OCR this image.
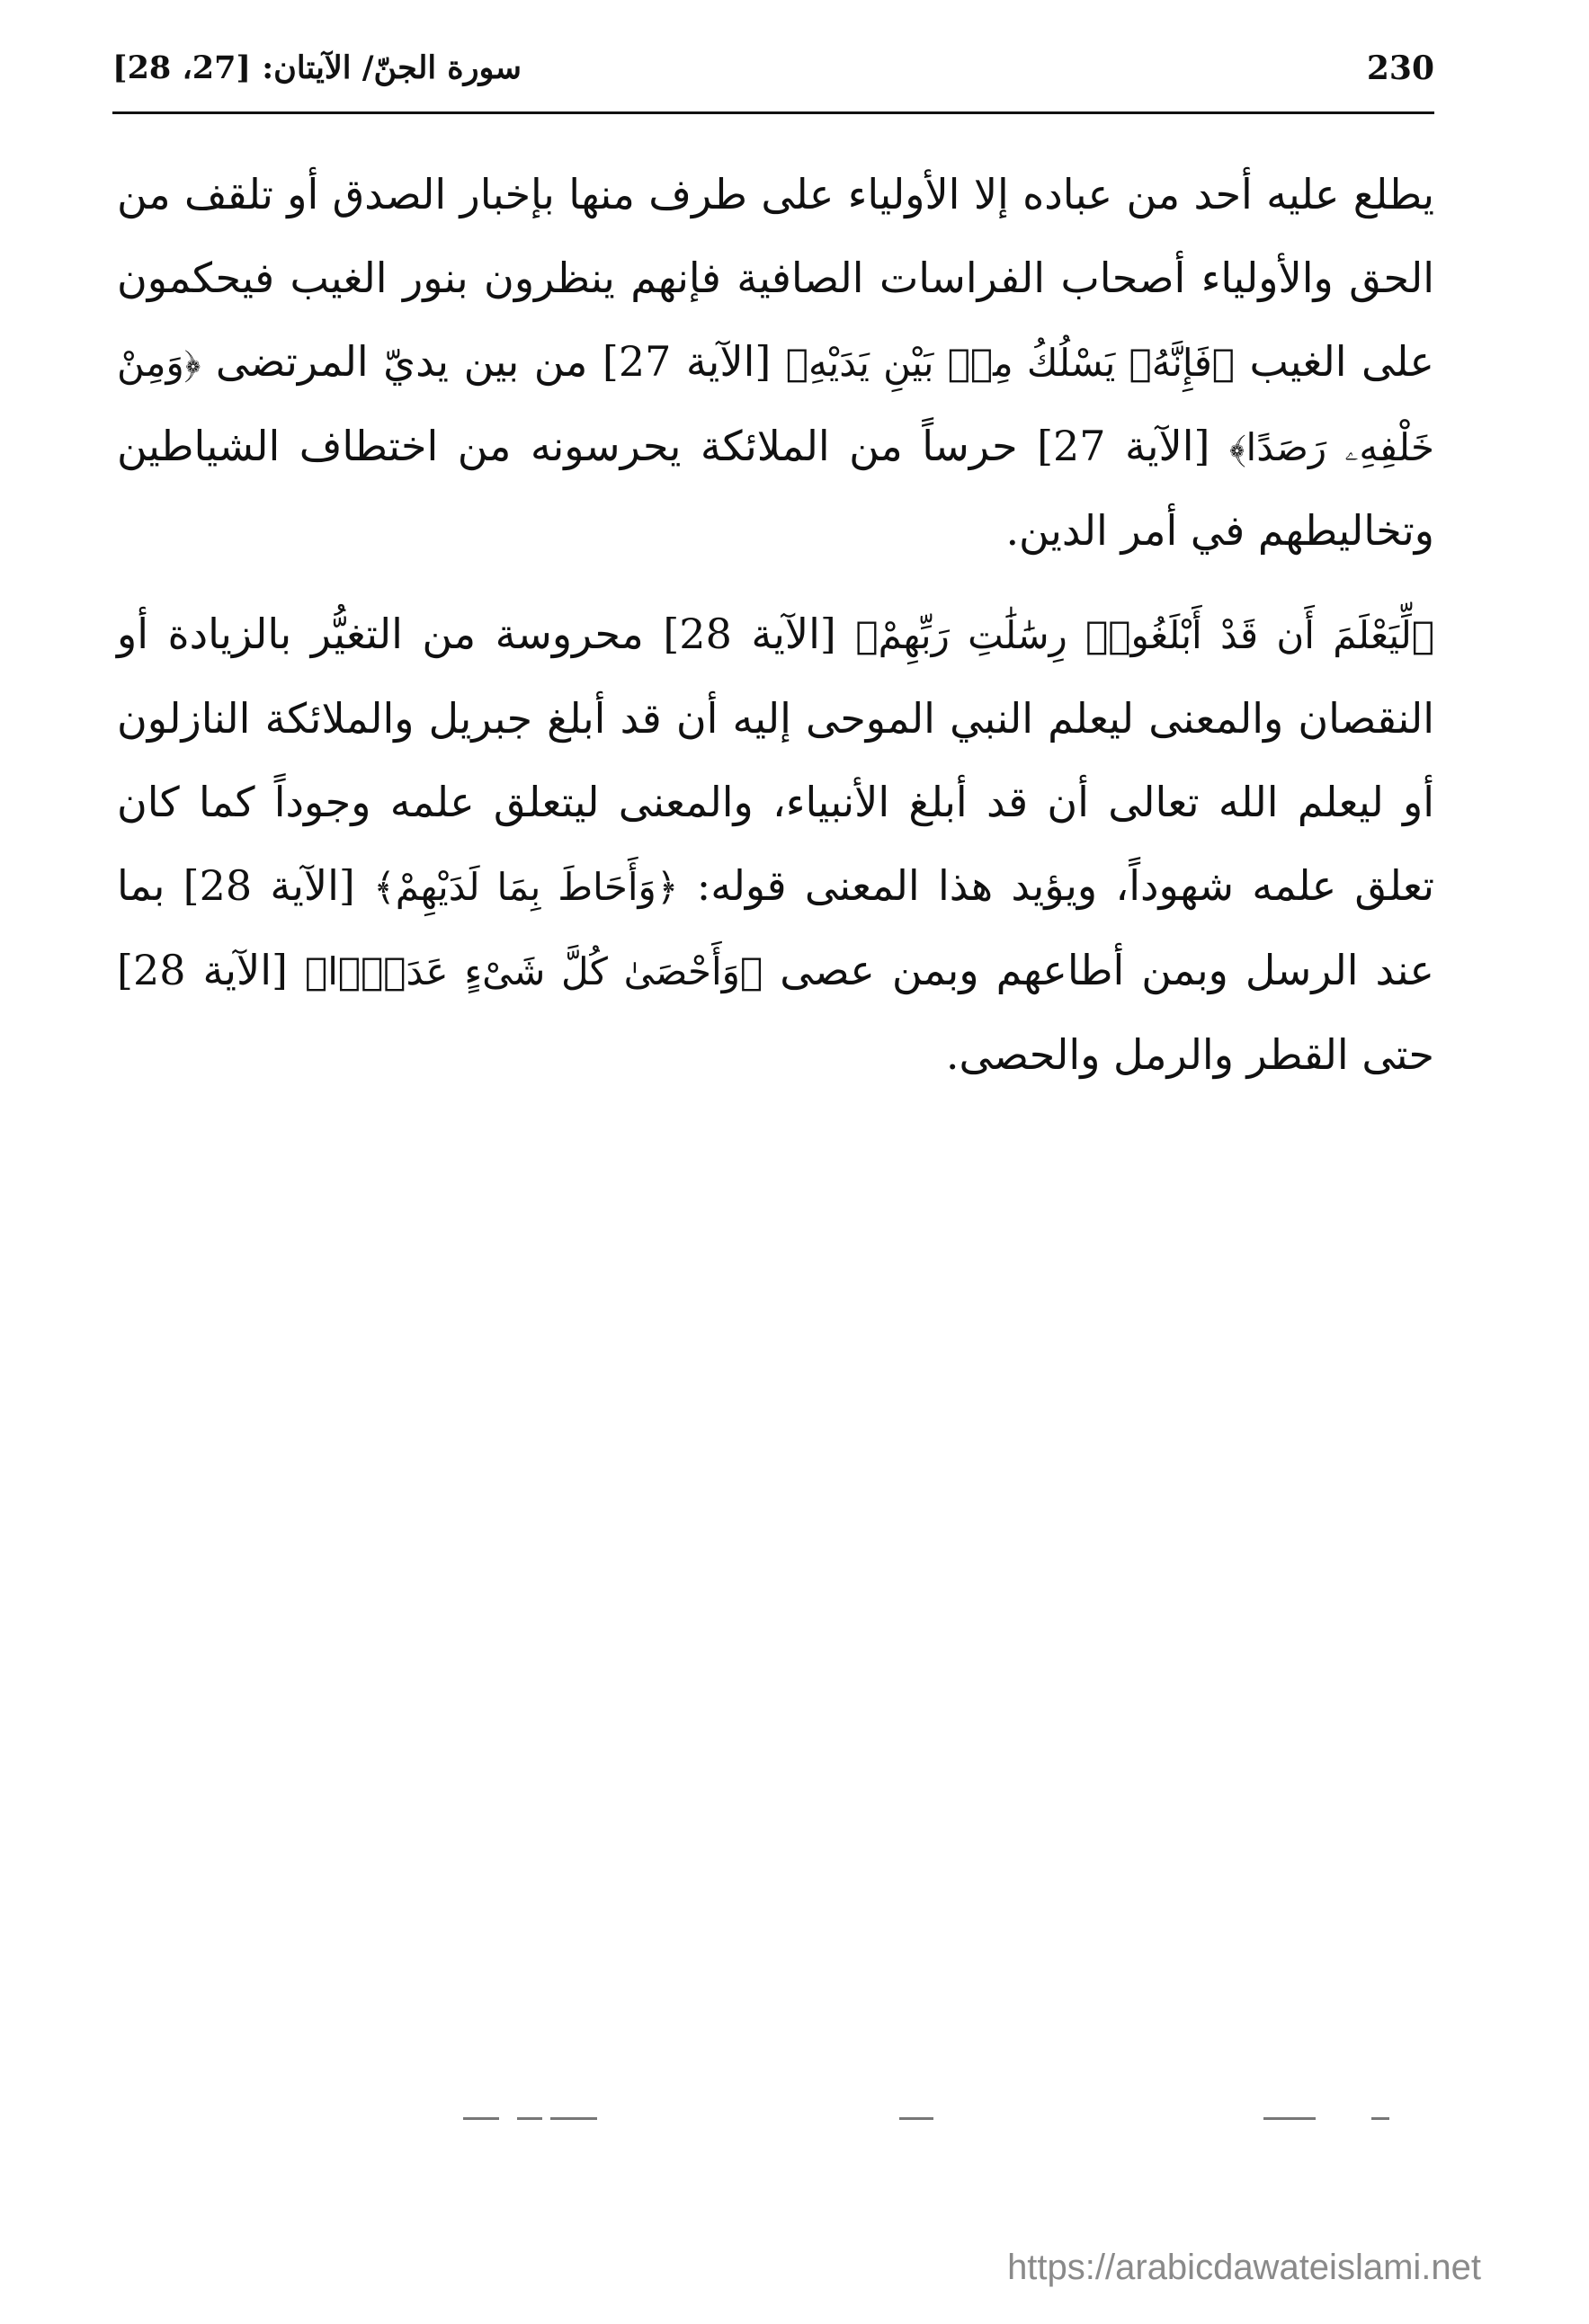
230
سورة الجنّ/ الآيتان: [27، 28]

يطلع عليه أحد من عباده إلا الأولياء على طرف منها بإخبار الصدق أو تلقف من الحق والأولياء أصحاب الفراسات الصافية فإنهم ينظرون بنور الغيب فيحكمون على الغيب ﴿فَإِنَّهُۥ يَسْلُكُ مِنۢ بَيْنِ يَدَيْهِ﴾ [الآية 27] من بين يديّ المرتضى ﴿وَمِنْ خَلْفِهِۦ رَصَدًا﴾ [الآية 27] حرساً من الملائكة يحرسونه من اختطاف الشياطين وتخاليطهم في أمر الدين.

﴿لِّيَعْلَمَ أَن قَدْ أَبْلَغُوا۟ رِسَٰلَٰتِ رَبِّهِمْ﴾ [الآية 28] محروسة من التغيُّر بالزيادة أو النقصان والمعنى ليعلم النبي الموحى إليه أن قد أبلغ جبريل والملائكة النازلون أو ليعلم الله تعالى أن قد أبلغ الأنبياء، والمعنى ليتعلق علمه وجوداً كما كان تعلق علمه شهوداً، ويؤيد هذا المعنى قوله: ﴿وَأَحَاطَ بِمَا لَدَيْهِمْ﴾ [الآية 28] بما عند الرسل وبمن أطاعهم وبمن عصى ﴿وَأَحْصَىٰ كُلَّ شَىْءٍ عَدَدًۢا﴾ [الآية 28] حتى القطر والرمل والحصى.

https://arabicdawateislami.net
